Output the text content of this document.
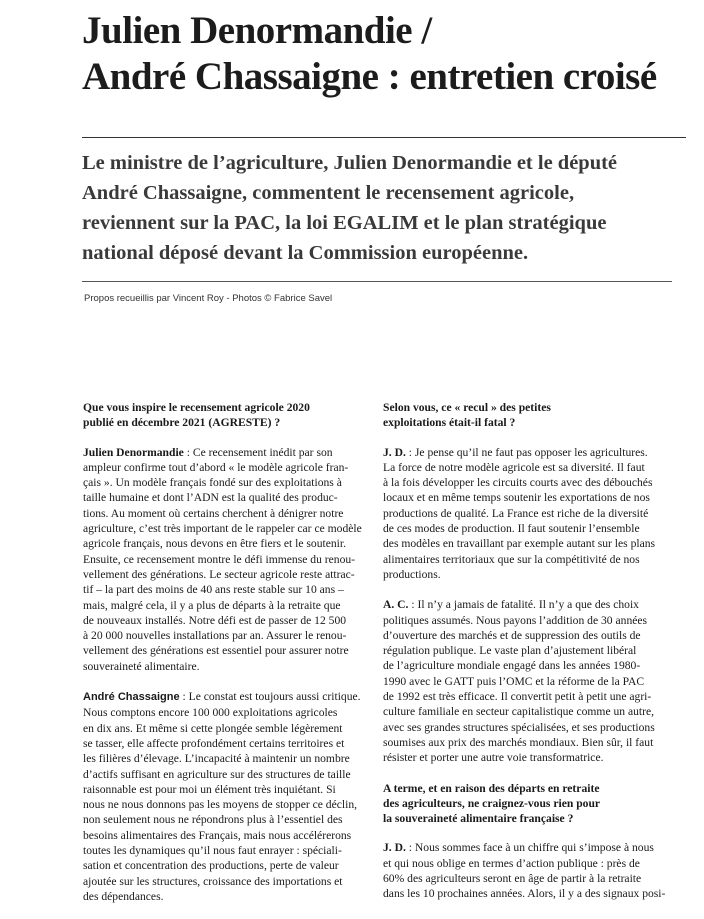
Julien Denormandie /
André Chassaigne : entretien croisé
Le ministre de l’agriculture, Julien Denormandie et le député
André Chassaigne, commentent le recensement agricole,
reviennent sur la PAC, la loi EGALIM et le plan stratégique
national déposé devant la Commission européenne.
Propos recueillis par Vincent Roy - Photos © Fabrice Savel
Que vous inspire le recensement agricole 2020
publié en décembre 2021 (AGRESTE) ?
Julien Denormandie : Ce recensement inédit par son
ampleur confirme tout d’abord « le modèle agricole fran-
çais ». Un modèle français fondé sur des exploitations à
taille humaine et dont l’ADN est la qualité des produc-
tions. Au moment où certains cherchent à dénigrer notre
agriculture, c’est très important de le rappeler car ce modèle
agricole français, nous devons en être fiers et le soutenir.
Ensuite, ce recensement montre le défi immense du renou-
vellement des générations. Le secteur agricole reste attrac-
tif – la part des moins de 40 ans reste stable sur 10 ans –
mais, malgré cela, il y a plus de départs à la retraite que
de nouveaux installés. Notre défi est de passer de 12 500
à 20 000 nouvelles installations par an. Assurer le renou-
vellement des générations est essentiel pour assurer notre
souveraineté alimentaire.
André Chassaigne : Le constat est toujours aussi critique.
Nous comptons encore 100 000 exploitations agricoles
en dix ans. Et même si cette plongée semble légèrement
se tasser, elle affecte profondément certains territoires et
les filières d’élevage. L’incapacité à maintenir un nombre
d’actifs suffisant en agriculture sur des structures de taille
raisonnable est pour moi un élément très inquiétant. Si
nous ne nous donnons pas les moyens de stopper ce déclin,
non seulement nous ne répondrons plus à l’essentiel des
besoins alimentaires des Français, mais nous accélérerons
toutes les dynamiques qu’il nous faut enrayer : spéciali-
sation et concentration des productions, perte de valeur
ajoutée sur les structures, croissance des importations et
des dépendances.
Selon vous, ce « recul » des petites
exploitations était-il fatal ?
J. D. : Je pense qu’il ne faut pas opposer les agricultures.
La force de notre modèle agricole est sa diversité. Il faut
à la fois développer les circuits courts avec des débouchés
locaux et en même temps soutenir les exportations de nos
productions de qualité. La France est riche de la diversité
de ces modes de production. Il faut soutenir l’ensemble
des modèles en travaillant par exemple autant sur les plans
alimentaires territoriaux que sur la compétitivité de nos
productions.
A. C. : Il n’y a jamais de fatalité. Il n’y a que des choix
politiques assumés. Nous payons l’addition de 30 années
d’ouverture des marchés et de suppression des outils de
régulation publique. Le vaste plan d’ajustement libéral
de l’agriculture mondiale engagé dans les années 1980-
1990 avec le GATT puis l’OMC et la réforme de la PAC
de 1992 est très efficace. Il convertit petit à petit une agri-
culture familiale en secteur capitalistique comme un autre,
avec ses grandes structures spécialisées, et ses productions
soumises aux prix des marchés mondiaux. Bien sûr, il faut
résister et porter une autre voie transformatrice.
A terme, et en raison des départs en retraite
des agriculteurs, ne craignez-vous rien pour
la souveraineté alimentaire française ?
J. D. : Nous sommes face à un chiffre qui s’impose à nous
et qui nous oblige en termes d’action publique : près de
60% des agriculteurs seront en âge de partir à la retraite
dans les 10 prochaines années. Alors, il y a des signaux posi-
